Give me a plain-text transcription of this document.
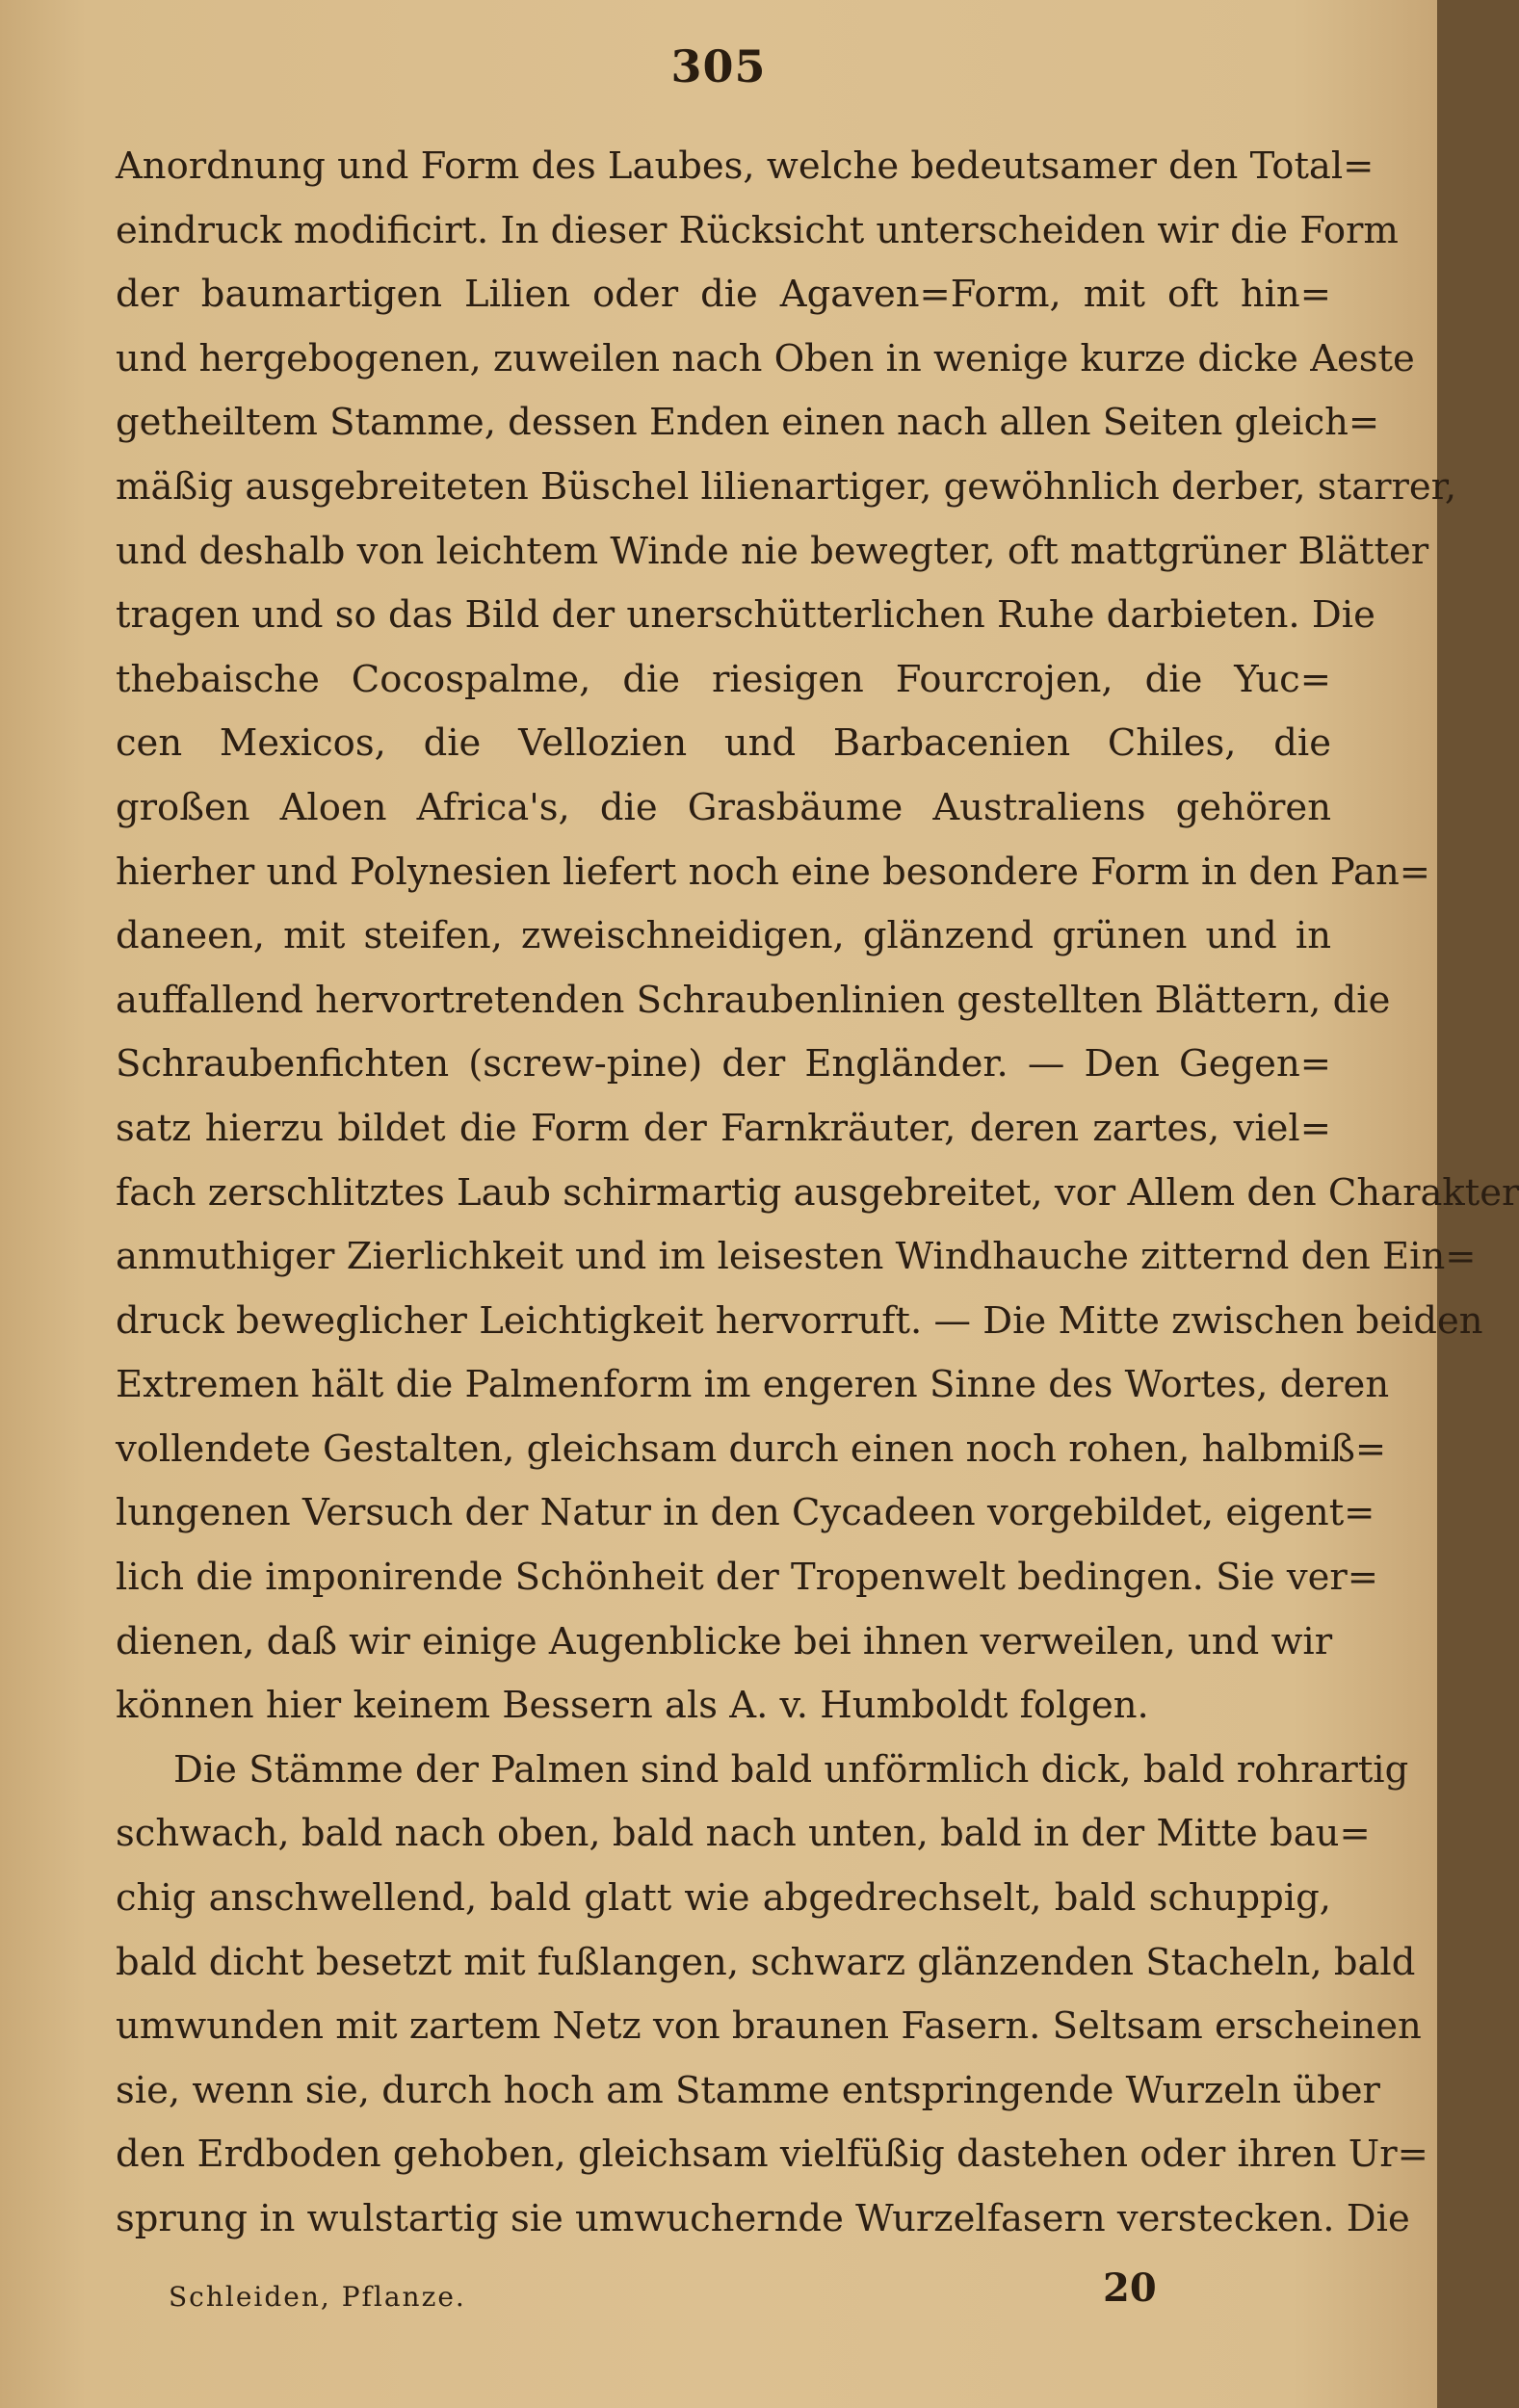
305
Anordnung und Form des Laubes, welche bedeutsamer den Total=
eindruck modificirt. In dieser Rücksicht unterscheiden wir die Form
der baumartigen Lilien oder die Agaven=Form, mit oft hin=
und hergebogenen, zuweilen nach Oben in wenige kurze dicke Aeste
getheiltem Stamme, dessen Enden einen nach allen Seiten gleich=
mäßig ausgebreiteten Büschel lilienartiger, gewöhnlich derber, starrer,
und deshalb von leichtem Winde nie bewegter, oft mattgrüner Blätter
tragen und so das Bild der unerschütterlichen Ruhe darbieten. Die
thebaische Cocospalme, die riesigen Fourcrojen, die Yuc=
cen Mexicos, die Vellozien und Barbacenien Chiles, die
großen Aloen Africa's, die Grasbäume Australiens gehören
hierher und Polynesien liefert noch eine besondere Form in den Pan=
daneen, mit steifen, zweischneidigen, glänzend grünen und in
auffallend hervortretenden Schraubenlinien gestellten Blättern, die
Schraubenfichten (screw-pine) der Engländer. — Den Gegen=
satz hierzu bildet die Form der Farnkräuter, deren zartes, viel=
fach zerschlitztes Laub schirmartig ausgebreitet, vor Allem den Charakter
anmuthiger Zierlichkeit und im leisesten Windhauche zitternd den Ein=
druck beweglicher Leichtigkeit hervorruft. — Die Mitte zwischen beiden
Extremen hält die Palmenform im engeren Sinne des Wortes, deren
vollendete Gestalten, gleichsam durch einen noch rohen, halbmiß=
lungenen Versuch der Natur in den Cycadeen vorgebildet, eigent=
lich die imponirende Schönheit der Tropenwelt bedingen. Sie ver=
dienen, daß wir einige Augenblicke bei ihnen verweilen, und wir
können hier keinem Bessern als A. v. Humboldt folgen.
Die Stämme der Palmen sind bald unförmlich dick, bald rohrartig
schwach, bald nach oben, bald nach unten, bald in der Mitte bau=
chig anschwellend, bald glatt wie abgedrechselt, bald schuppig,
bald dicht besetzt mit fußlangen, schwarz glänzenden Stacheln, bald
umwunden mit zartem Netz von braunen Fasern. Seltsam erscheinen
sie, wenn sie, durch hoch am Stamme entspringende Wurzeln über
den Erdboden gehoben, gleichsam vielfüßig dastehen oder ihren Ur=
sprung in wulstartig sie umwuchernde Wurzelfasern verstecken. Die
Schleiden, Pflanze.	20
